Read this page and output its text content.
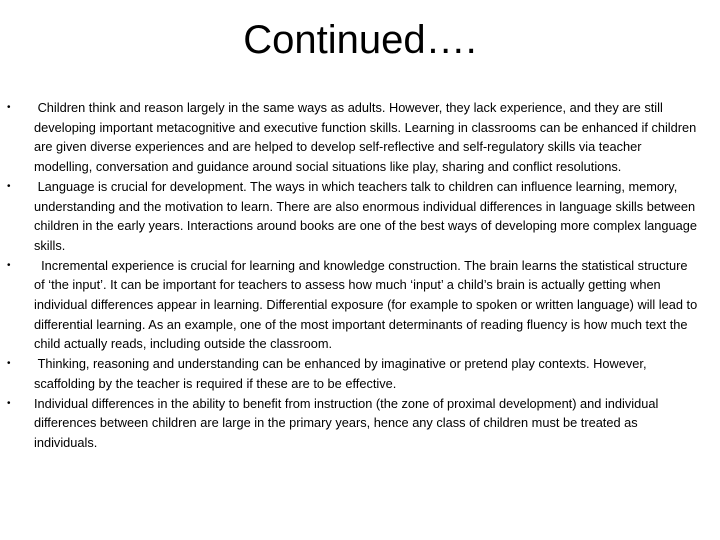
Continued….
•	Children think and reason largely in the same ways as adults. However, they lack experience, and they are still developing important metacognitive and executive function skills. Learning in classrooms can be enhanced if children are given diverse experiences and are helped to develop self-reflective and self-regulatory skills via teacher modelling, conversation and guidance around social situations like play, sharing and conflict resolutions.
•	Language is crucial for development. The ways in which teachers talk to children can influence learning, memory, understanding and the motivation to learn. There are also enormous individual differences in language skills between children in the early years. Interactions around books are one of the best ways of developing more complex language skills.
•	Incremental experience is crucial for learning and knowledge construction. The brain learns the statistical structure of ‘the input’. It can be important for teachers to assess how much ‘input’ a child’s brain is actually getting when individual differences appear in learning. Differential exposure (for example to spoken or written language) will lead to differential learning. As an example, one of the most important determinants of reading fluency is how much text the child actually reads, including outside the classroom.
•	Thinking, reasoning and understanding can be enhanced by imaginative or pretend play contexts. However, scaffolding by the teacher is required if these are to be effective.
•	Individual differences in the ability to benefit from instruction (the zone of proximal development) and individual differences between children are large in the primary years, hence any class of children must be treated as individuals.
